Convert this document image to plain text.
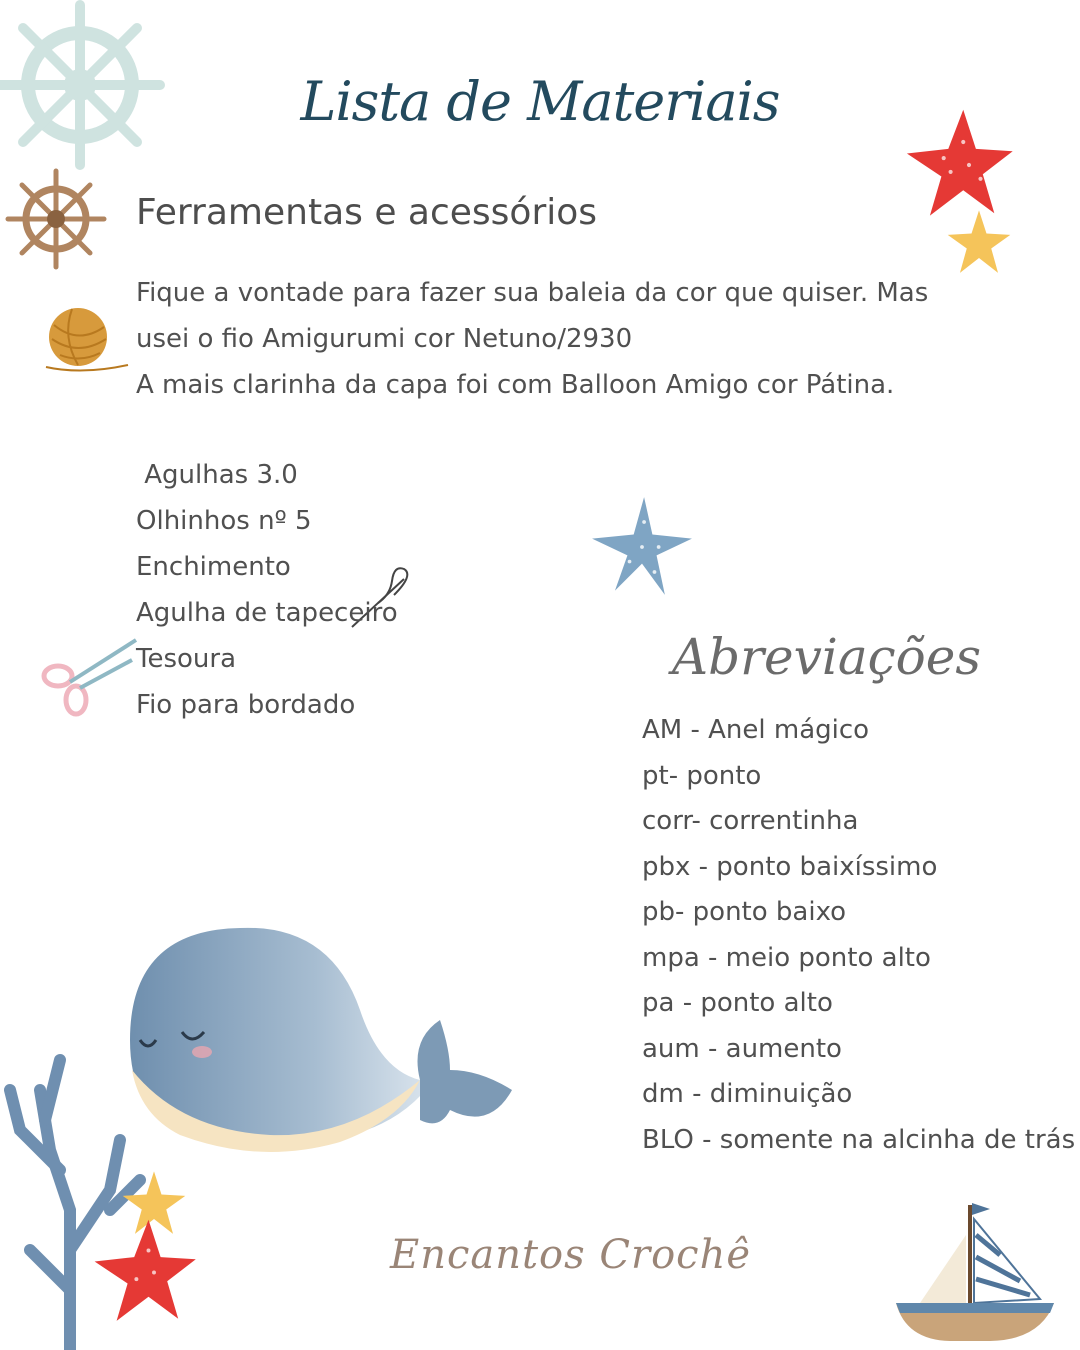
Lista de Materiais
Ferramentas e acessórios
Fique a vontade para fazer sua baleia da cor que quiser. Mas
usei o fio Amigurumi cor Netuno/2930
A mais clarinha da capa foi com Balloon Amigo cor Pátina.
Agulhas 3.0
Olhinhos nº 5
Enchimento
Agulha de tapeceiro
Tesoura
Fio para bordado
Abreviações
AM - Anel mágico
pt- ponto
corr- correntinha
pbx - ponto baixíssimo
pb- ponto baixo
mpa - meio ponto alto
pa - ponto alto
aum - aumento
dm - diminuição
BLO - somente na alcinha de trás
Encantos Crochê
